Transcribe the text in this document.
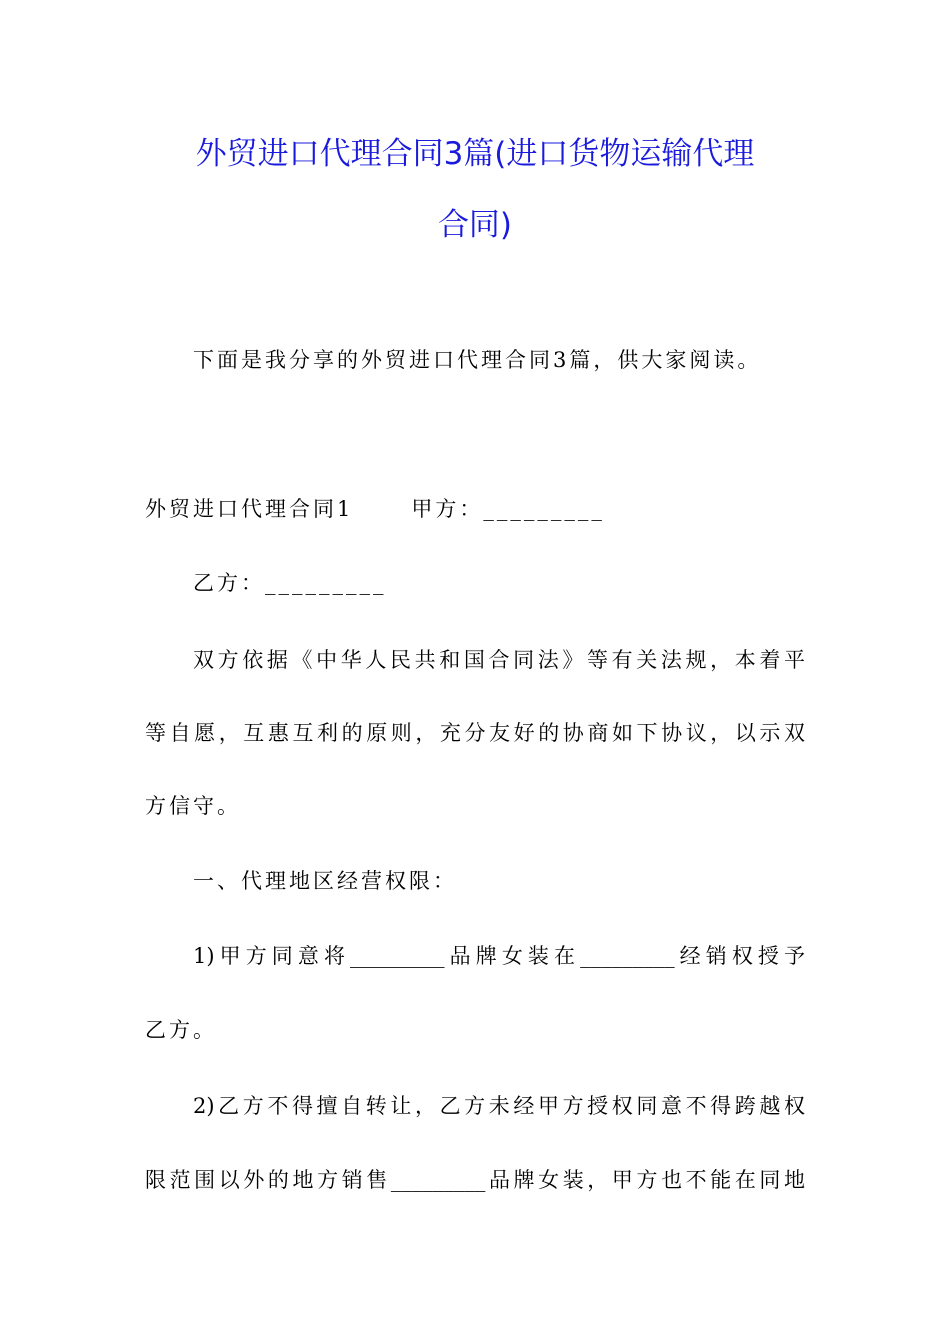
外贸进口代理合同3篇(进口货物运输代理
合同)
下面是我分享的外贸进口代理合同3篇，供大家阅读。
外贸进口代理合同1	甲方：_________
乙方：_________
双方依据《中华人民共和国合同法》等有关法规，本着平
等自愿，互惠互利的原则，充分友好的协商如下协议，以示双
方信守。
一、代理地区经营权限：
1)甲方同意将_________品牌女装在_________经销权授予
乙方。
2)乙方不得擅自转让，乙方未经甲方授权同意不得跨越权
限范围以外的地方销售_________品牌女装，甲方也不能在同地
